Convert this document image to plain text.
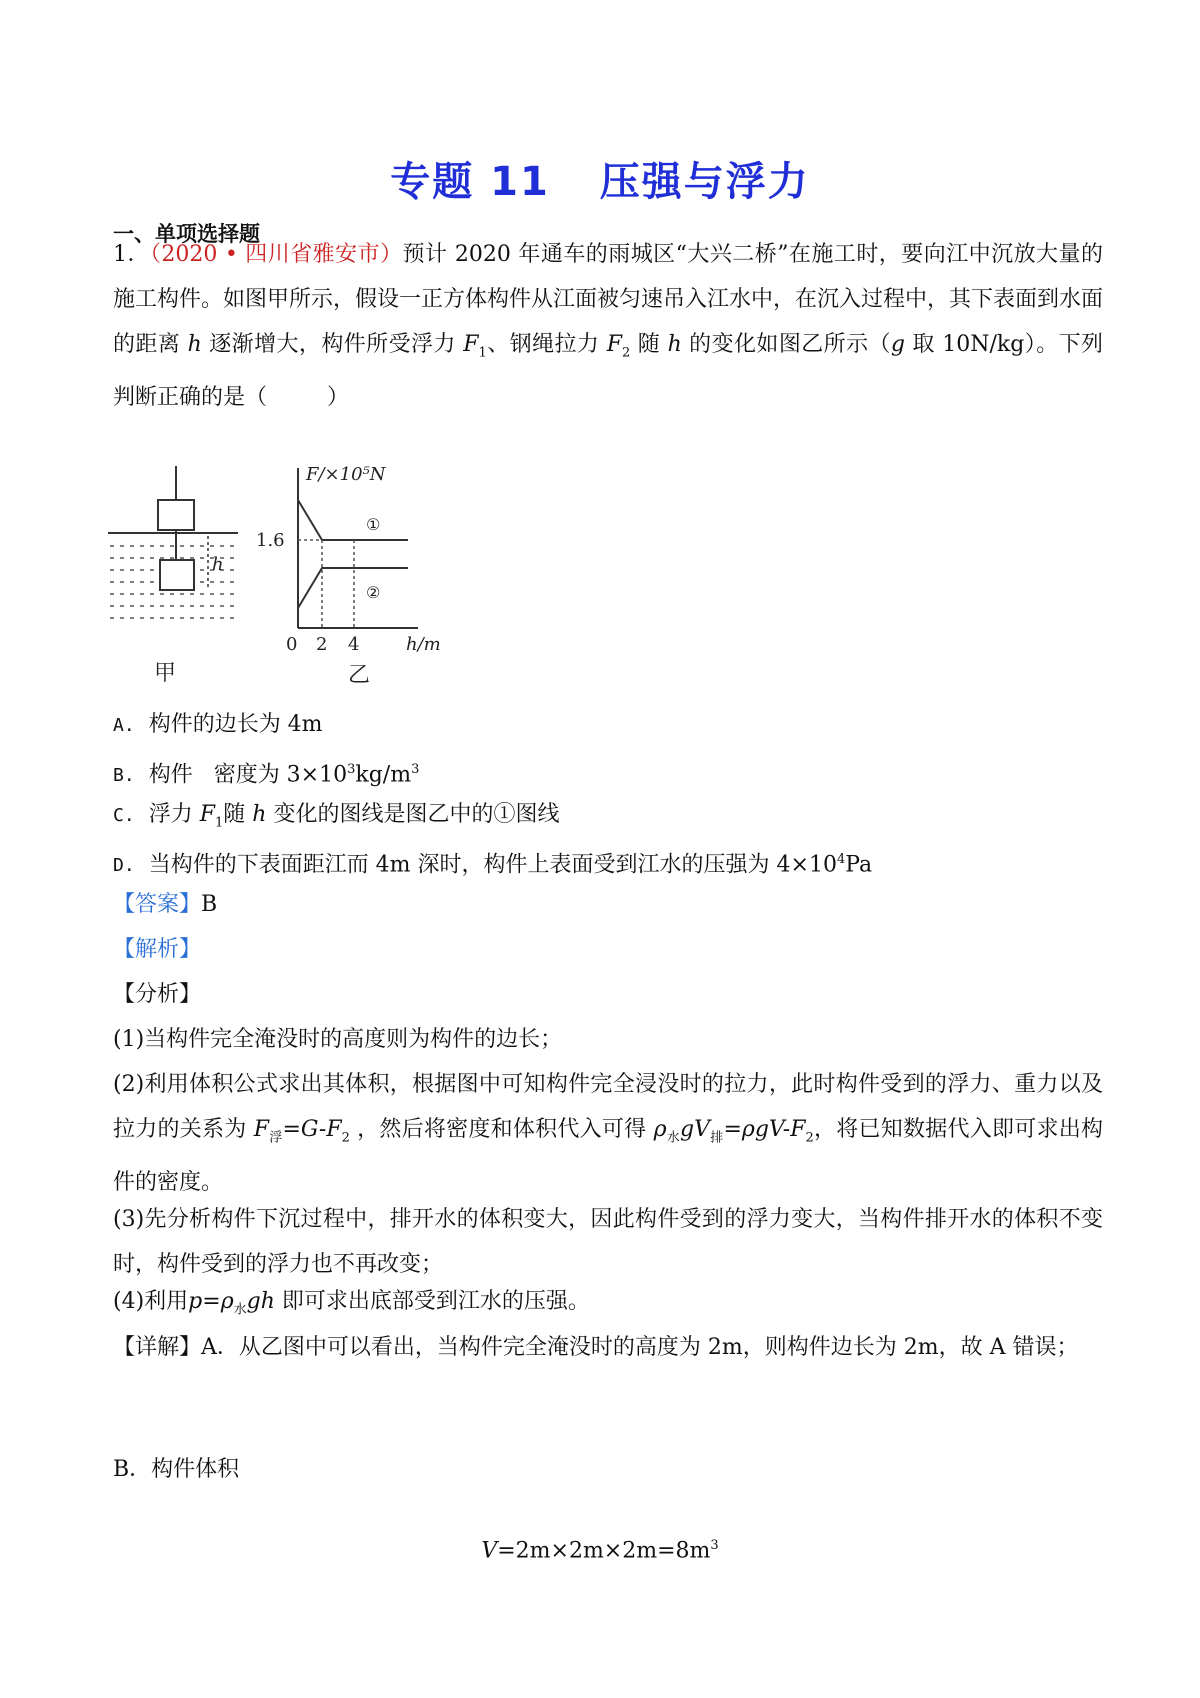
专题 11 压强与浮力
一、单项选择题
1．（2020 • 四川省雅安市）预计 2020 年通车的雨城区“大兴二桥”在施工时，要向江中沉放大量的施工构件。如图甲所示，假设一正方体构件从江面被匀速吊入江水中，在沉入过程中，其下表面到水面的距离 h 逐渐增大，构件所受浮力 $F_1$、钢绳拉力 $F_2$ 随 h 的变化如图乙所示（g 取 10N/kg）。下列判断正确的是（	）
h
甲
F/×10⁵N
1.6
①
②
0 2 4	h/m
乙
A. 构件的边长为 4m
B. 构件 密度为 $3\times 10^3kg/m^3$
C. 浮力 $F_1$随 h 变化的图线是图乙中的①图线
D. 当构件的下表面距江而 4m 深时，构件上表面受到江水的压强为 $4\times 10^4Pa$
【答案】B
【解析】
【分析】
(1)当构件完全淹没时的高度则为构件的边长；
(2)利用体积公式求出其体积，根据图中可知构件完全浸没时的拉力，此时构件受到的浮力、重力以及拉力的关系为 $F_浮=G-F_2$ ，然后将密度和体积代入可得 $\rho_水gV_排=\rho gV-F_2$，将已知数据代入即可求出构件的密度。
(3)先分析构件下沉过程中，排开水的体积变大，因此构件受到的浮力变大，当构件排开水的体积不变时，构件受到的浮力也不再改变；
(4)利用$p=\rho_水gh$ 即可求出底部受到江水的压强。
【详解】A．从乙图中可以看出，当构件完全淹没时的高度为 2m，则构件边长为 2m，故 A 错误；
B．构件体积
$V=2m\times 2m\times 2m=8m^3$
